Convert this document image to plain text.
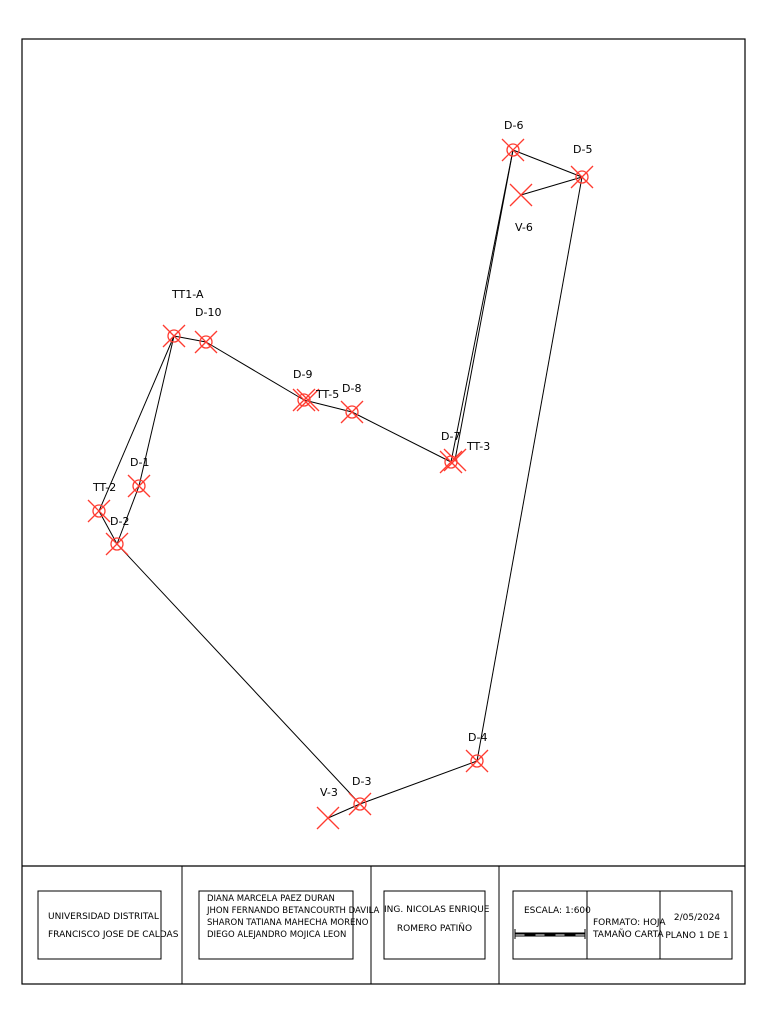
D-6
D-5
V-6
TT1-A
D-10
D-9
TT-5 D-8
D-7
TT-3
D-1
TT-2
D-2
D-4
D-3
V-3
UNIVERSIDAD DISTRITAL
FRANCISCO JOSE DE CALDAS
DIANA MARCELA PAEZ DURAN
JHON FERNANDO BETANCOURTH DAVILA
SHARON TATIANA MAHECHA MORENO
DIEGO ALEJANDRO MOJICA LEON
ING. NICOLAS ENRIQUE
ROMERO PATIÑO
ESCALA: 1:600
FORMATO: HOJA
TAMAÑO CARTA
2/05/2024
PLANO 1 DE 1
